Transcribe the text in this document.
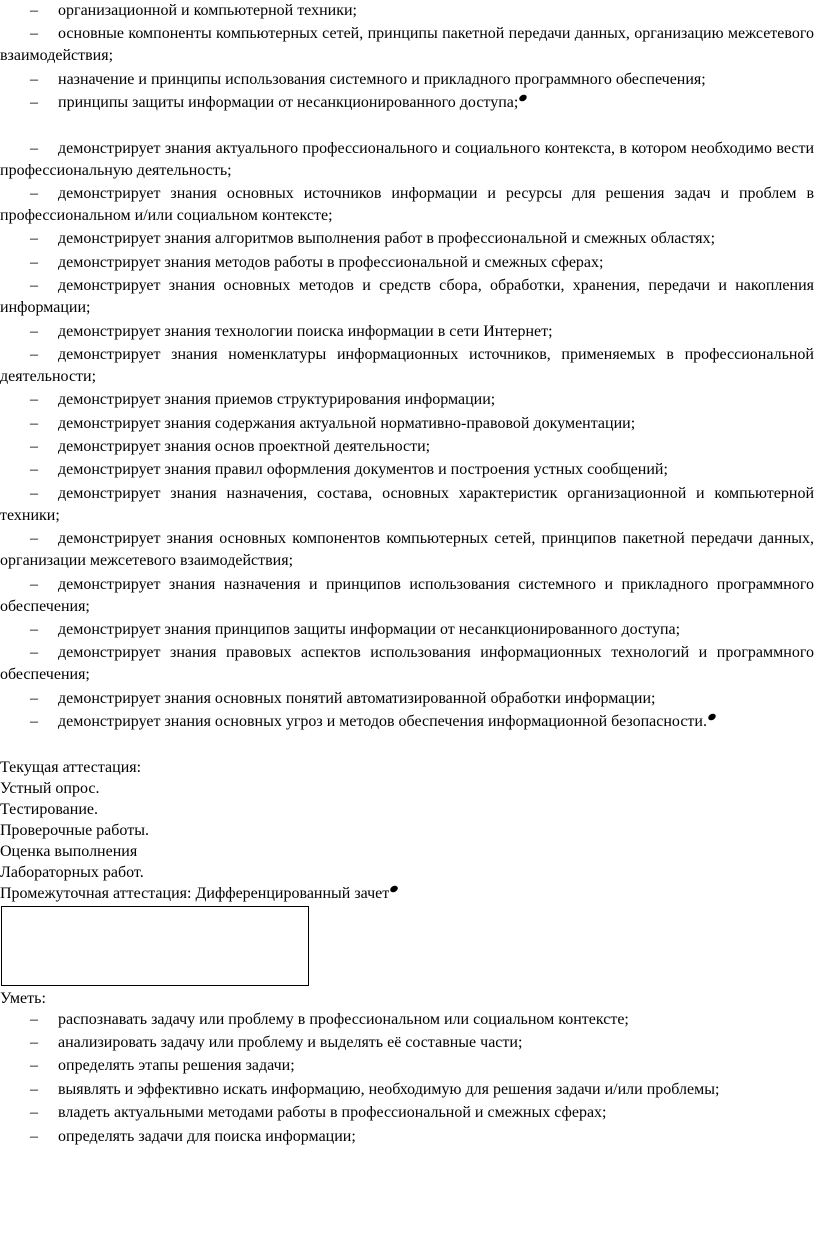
– организационной и компьютерной техники;

– основные компоненты компьютерных сетей, принципы пакетной передачи данных, организацию межсетевого взаимодействия;

– назначение и принципы использования системного и прикладного программного обеспечения;

– принципы защиты информации от несанкционированного доступа;

– демонстрирует знания актуального профессионального и социального контекста, в котором необходимо вести профессиональную деятельность;

– демонстрирует знания основных источников информации и ресурсы для решения задач и проблем в профессиональном и/или социальном контексте;

– демонстрирует знания алгоритмов выполнения работ в профессиональной и смежных областях;

– демонстрирует знания методов работы в профессиональной и смежных сферах;

– демонстрирует знания основных методов и средств сбора, обработки, хранения, передачи и накопления информации;

– демонстрирует знания технологии поиска информации в сети Интернет;

– демонстрирует знания номенклатуры информационных источников, применяемых в профессиональной деятельности;

– демонстрирует знания приемов структурирования информации;

– демонстрирует знания содержания актуальной нормативно-правовой документации;

– демонстрирует знания основ проектной деятельности;

– демонстрирует знания правил оформления документов и построения устных сообщений;

– демонстрирует знания назначения, состава, основных характеристик организационной и компьютерной техники;

– демонстрирует знания основных компонентов компьютерных сетей, принципов пакетной передачи данных, организации межсетевого взаимодействия;

– демонстрирует знания назначения и принципов использования системного и прикладного программного обеспечения;

– демонстрирует знания принципов защиты информации от несанкционированного доступа;

– демонстрирует знания правовых аспектов использования информационных технологий и программного обеспечения;

– демонстрирует знания основных понятий автоматизированной обработки информации;

– демонстрирует знания основных угроз и методов обеспечения информационной безопасности.

Текущая аттестация:

Устный опрос.

Тестирование.

Проверочные работы.

Оценка выполнения

Лабораторных работ.

Промежуточная аттестация: Дифференцированный зачет

Уметь:

– распознавать задачу или проблему в профессиональном или социальном контексте;

– анализировать задачу или проблему и выделять её составные части;

– определять этапы решения задачи;

– выявлять и эффективно искать информацию, необходимую для решения задачи и/или проблемы;

– владеть актуальными методами работы в профессиональной и смежных сферах;

– определять задачи для поиска информации;
